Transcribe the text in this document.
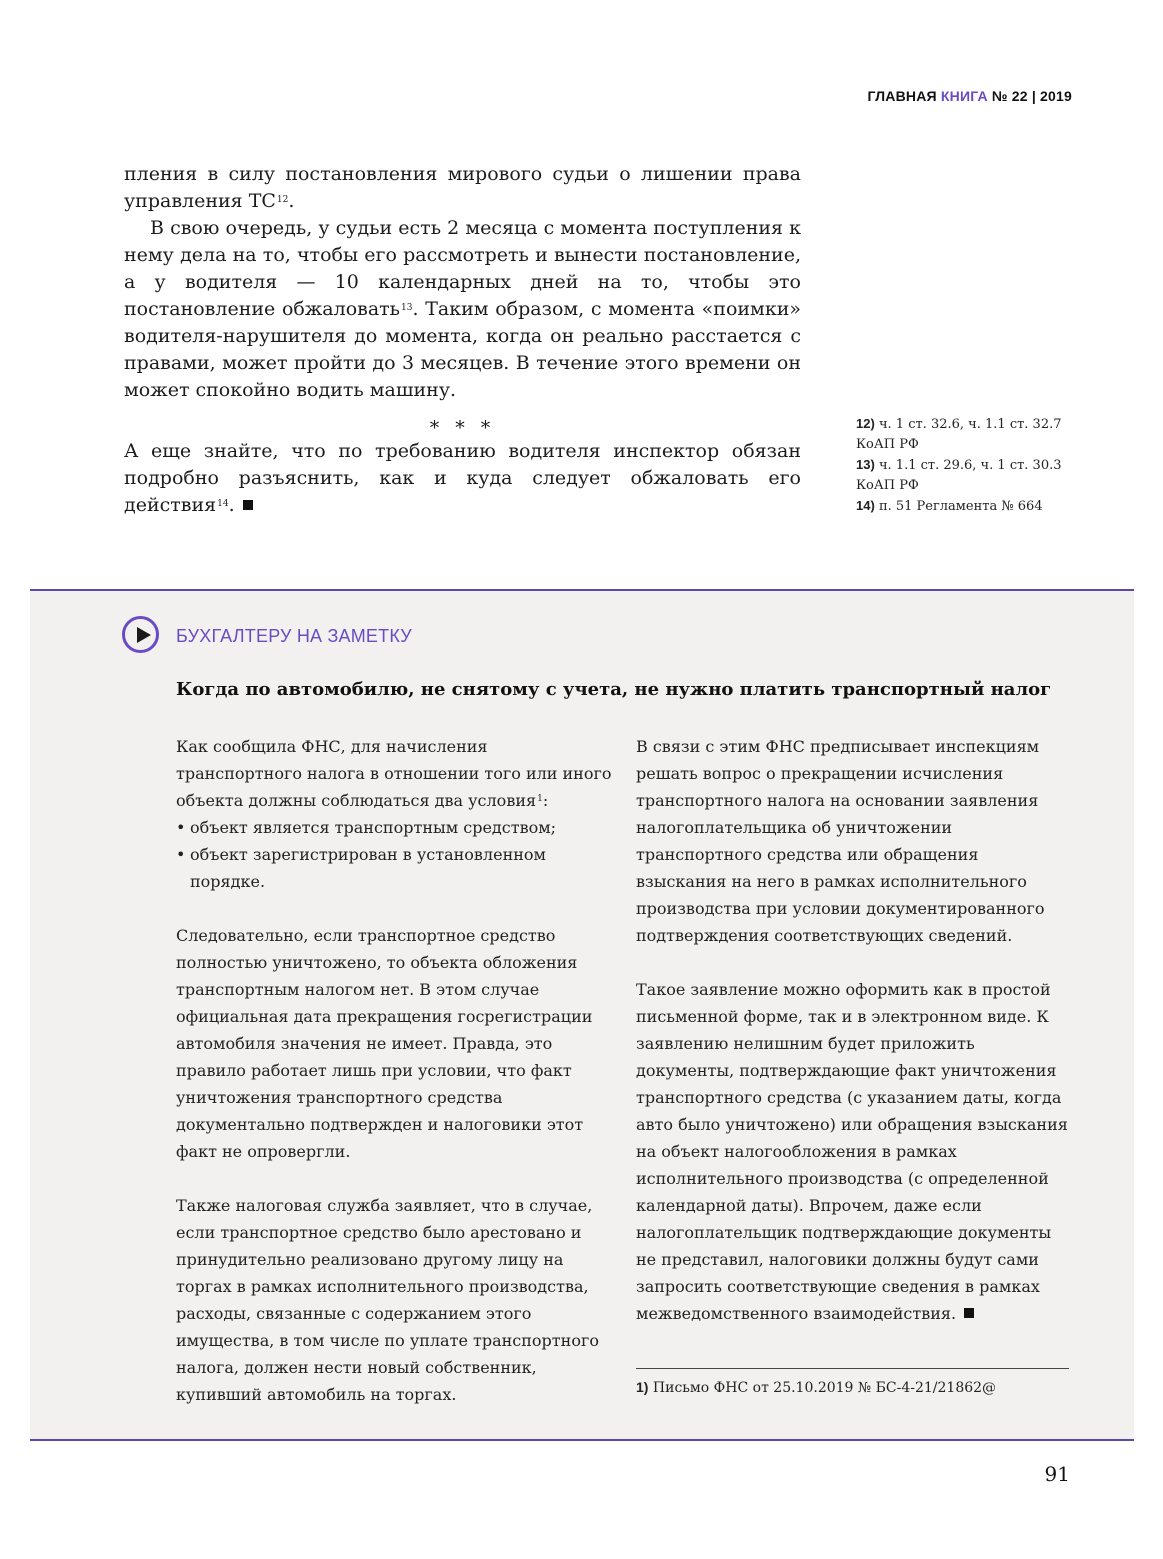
ГЛАВНАЯ КНИГА № 22 | 2019

пления в силу постановления мирового судьи о лишении права управления ТС$^{12}$.

В свою очередь, у судьи есть 2 месяца с момента поступления к нему дела на то, чтобы его рассмотреть и вынести постановление, а у водителя — 10 календарных дней на то, чтобы это постановление обжаловать$^{13}$. Таким образом, с момента «поимки» водителя-нарушителя до момента, когда он реально расстается с правами, может пройти до 3 месяцев. В течение этого времени он может спокойно водить машину.

* * *

А еще знайте, что по требованию водителя инспектор обязан подробно разъяснить, как и куда следует обжаловать его действия$^{14}$.

12) ч. 1 ст. 32.6, ч. 1.1 ст. 32.7 КоАП РФ

13) ч. 1.1 ст. 29.6, ч. 1 ст. 30.3 КоАП РФ

14) п. 51 Регламента № 664

БУХГАЛТЕРУ НА ЗАМЕТКУ
Когда по автомобилю, не снятому с учета, не нужно платить транспортный налог

Как сообщила ФНС, для начисления транспортного налога в отношении того или иного объекта должны соблюдаться два условия$^1$:

• объект является транспортным средством;
• объект зарегистрирован в установленном порядке.

Следовательно, если транспортное средство полностью уничтожено, то объекта обложения транспортным налогом нет. В этом случае официальная дата прекращения госрегистрации автомобиля значения не имеет. Правда, это правило работает лишь при условии, что факт уничтожения транспортного средства документально подтвержден и налоговики этот факт не опровергли.

Также налоговая служба заявляет, что в случае, если транспортное средство было арестовано и принудительно реализовано другому лицу на торгах в рамках исполнительного производства, расходы, связанные с содержанием этого имущества, в том числе по уплате транспортного налога, должен нести новый собственник, купивший автомобиль на торгах.

В связи с этим ФНС предписывает инспекциям решать вопрос о прекращении исчисления транспортного налога на основании заявления налогоплательщика об уничтожении транспортного средства или обращения взыскания на него в рамках исполнительного производства при условии документированного подтверждения соответствующих сведений.

Такое заявление можно оформить как в простой письменной форме, так и в электронном виде. К заявлению нелишним будет приложить документы, подтверждающие факт уничтожения транспортного средства (с указанием даты, когда авто было уничтожено) или обращения взыскания на объект налогообложения в рамках исполнительного производства (с определенной календарной даты). Впрочем, даже если налогоплательщик подтверждающие документы не представил, налоговики должны будут сами запросить соответствующие сведения в рамках межведомственного взаимодействия.

1) Письмо ФНС от 25.10.2019 № БС-4-21/21862@
91
